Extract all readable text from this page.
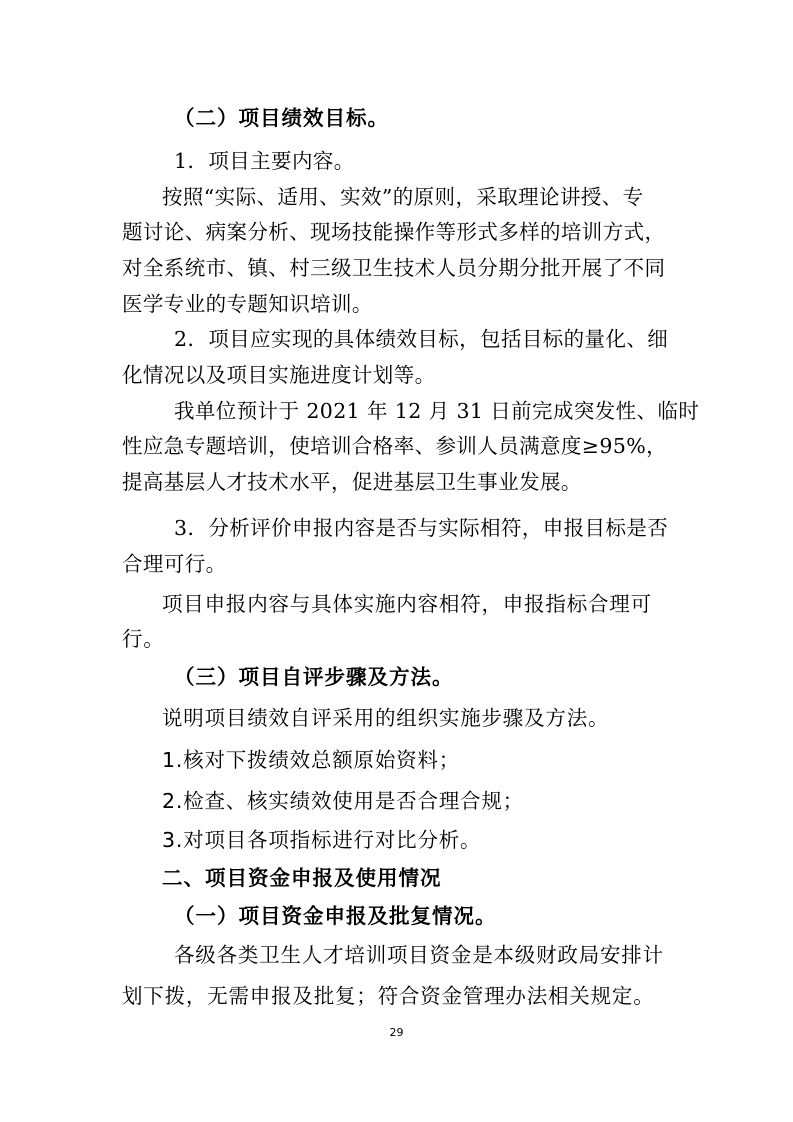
（二）项目绩效目标。
1．项目主要内容。
按照“实际、适用、实效”的原则，采取理论讲授、专
题讨论、病案分析、现场技能操作等形式多样的培训方式，
对全系统市、镇、村三级卫生技术人员分期分批开展了不同
医学专业的专题知识培训。
2．项目应实现的具体绩效目标，包括目标的量化、细
化情况以及项目实施进度计划等。
我单位预计于 2021 年 12 月 31 日前完成突发性、临时
性应急专题培训，使培训合格率、参训人员满意度≥95%，
提高基层人才技术水平，促进基层卫生事业发展。
3．分析评价申报内容是否与实际相符，申报目标是否
合理可行。
项目申报内容与具体实施内容相符，申报指标合理可
行。
（三）项目自评步骤及方法。
说明项目绩效自评采用的组织实施步骤及方法。
1.核对下拨绩效总额原始资料；
2.检查、核实绩效使用是否合理合规；
3.对项目各项指标进行对比分析。
二、项目资金申报及使用情况
（一）项目资金申报及批复情况。
各级各类卫生人才培训项目资金是本级财政局安排计
划下拨，无需申报及批复；符合资金管理办法相关规定。
29
